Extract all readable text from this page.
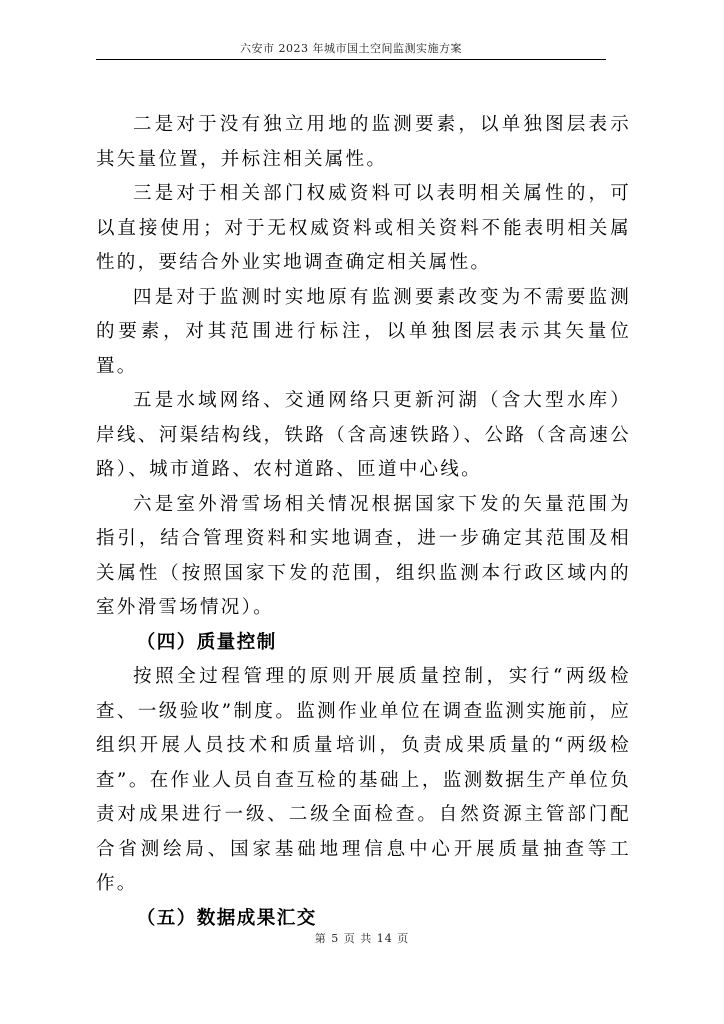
六安市 2023 年城市国土空间监测实施方案

二是对于没有独立用地的监测要素，以单独图层表示其矢量位置，并标注相关属性。

三是对于相关部门权威资料可以表明相关属性的，可以直接使用；对于无权威资料或相关资料不能表明相关属性的，要结合外业实地调查确定相关属性。

四是对于监测时实地原有监测要素改变为不需要监测的要素，对其范围进行标注，以单独图层表示其矢量位置。

五是水域网络、交通网络只更新河湖（含大型水库）岸线、河渠结构线，铁路（含高速铁路）、公路（含高速公路）、城市道路、农村道路、匝道中心线。

六是室外滑雪场相关情况根据国家下发的矢量范围为指引，结合管理资料和实地调查，进一步确定其范围及相关属性（按照国家下发的范围，组织监测本行政区域内的室外滑雪场情况）。

（四）质量控制

按照全过程管理的原则开展质量控制，实行“两级检查、一级验收”制度。监测作业单位在调查监测实施前，应组织开展人员技术和质量培训，负责成果质量的“两级检查”。在作业人员自查互检的基础上，监测数据生产单位负责对成果进行一级、二级全面检查。自然资源主管部门配合省测绘局、国家基础地理信息中心开展质量抽查等工作。

（五）数据成果汇交

第 5 页 共 14 页
